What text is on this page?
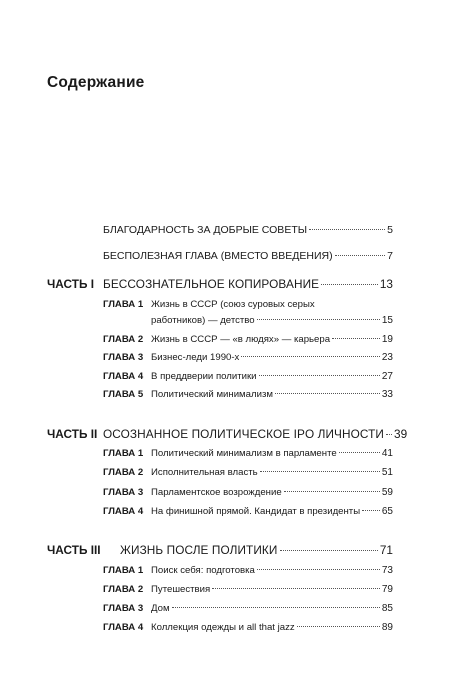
Содержание
БЛАГОДАРНОСТЬ ЗА ДОБРЫЕ СОВЕТЫ	5
БЕСПОЛЕЗНАЯ ГЛАВА (ВМЕСТО ВВЕДЕНИЯ)	7
ЧАСТЬ I БЕССОЗНАТЕЛЬНОЕ КОПИРОВАНИЕ	13
ГЛАВА 1 Жизнь в СССР (союз суровых серых
работников) — детство	15
ГЛАВА 2 Жизнь в СССР — «в людях» — карьера	19
ГЛАВА 3 Бизнес-леди 1990-х	23
ГЛАВА 4 В преддверии политики	27
ГЛАВА 5 Политический минимализм	33
ЧАСТЬ II ОСОЗНАННОЕ ПОЛИТИЧЕСКОЕ IPO ЛИЧНОСТИ 39
ГЛАВА 1 Политический минимализм в парламенте	41
ГЛАВА 2 Исполнительная власть	51
ГЛАВА 3 Парламентское возрождение	59
ГЛАВА 4 На финишной прямой. Кандидат в президенты 65
ЧАСТЬ III ЖИЗНЬ ПОСЛЕ ПОЛИТИКИ	71
ГЛАВА 1 Поиск себя: подготовка	73
ГЛАВА 2 Путешествия	79
ГЛАВА 3 Дом	85
ГЛАВА 4 Коллекция одежды и all that jazz	89
